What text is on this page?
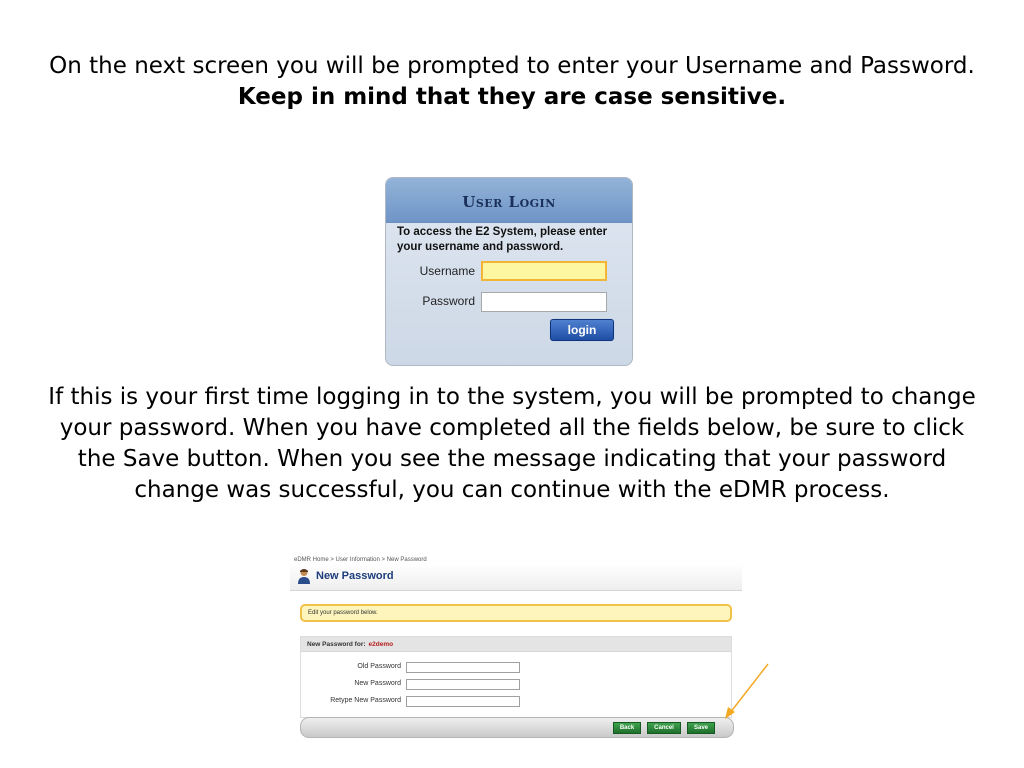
On the next screen you will be prompted to enter your Username and Password.
Keep in mind that they are case sensitive.

User Login
To access the E2 System, please enter your username and password.
Username
Password
login

If this is your first time logging in to the system, you will be prompted to change your password. When you have completed all the fields below, be sure to click the Save button. When you see the message indicating that your password change was successful, you can continue with the eDMR process.

eDMR Home > User Information > New Password
New Password
Edit your password below.
New Password for: e2demo
Old Password
New Password
Retype New Password
Back	Cancel	Save
